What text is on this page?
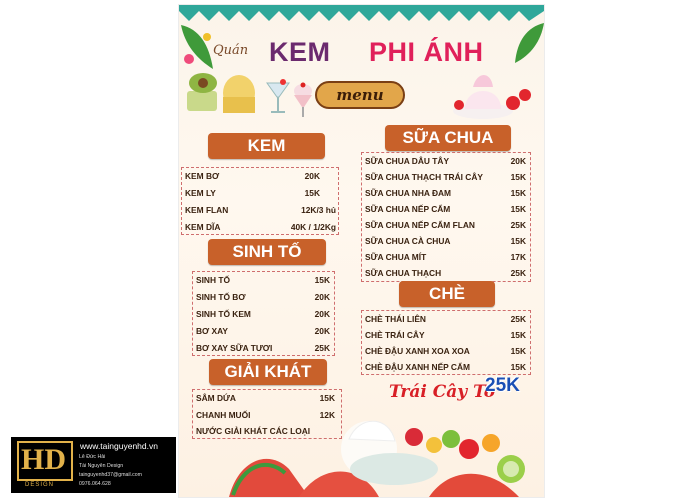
Quán KEM PHI ÁNH
menu
KEM
KEM BƠ	20K
KEM LY	15K
KEM FLAN	12K/3 hủ
KEM DĨA	40K / 1/2Kg
SINH TỐ
SINH TỐ	15K
SINH TỐ BƠ	20K
SINH TỐ KEM	20K
BƠ XAY	20K
BƠ XAY SỮA TƯƠI	25K
GIẢI KHÁT
SÂM DỨA	15K
CHANH MUỐI	12K
NƯỚC GIẢI KHÁT CÁC LOẠI
SỮA CHUA
SỮA CHUA DÂU TÂY	20K
SỮA CHUA THẠCH TRÁI CÂY	15K
SỮA CHUA NHA ĐAM	15K
SỮA CHUA NẾP CẨM	15K
SỮA CHUA NẾP CẨM FLAN	25K
SỮA CHUA CÀ CHUA	15K
SỮA CHUA MÍT	17K
SỮA CHUA THẠCH	25K
CHÈ
CHÈ THÁI LIÊN	25K
CHÈ TRÁI CÂY	15K
CHÈ ĐẬU XANH XOA XOA	15K
CHÈ ĐẬU XANH NẾP CẨM	15K
Trái Cây Tô
25K
HD
DESIGN
www.tainguyenhd.vn
Lê Đức Hải
Tài Nguyên Design
tainguyenhd37@gmail.com
0976.064.628
